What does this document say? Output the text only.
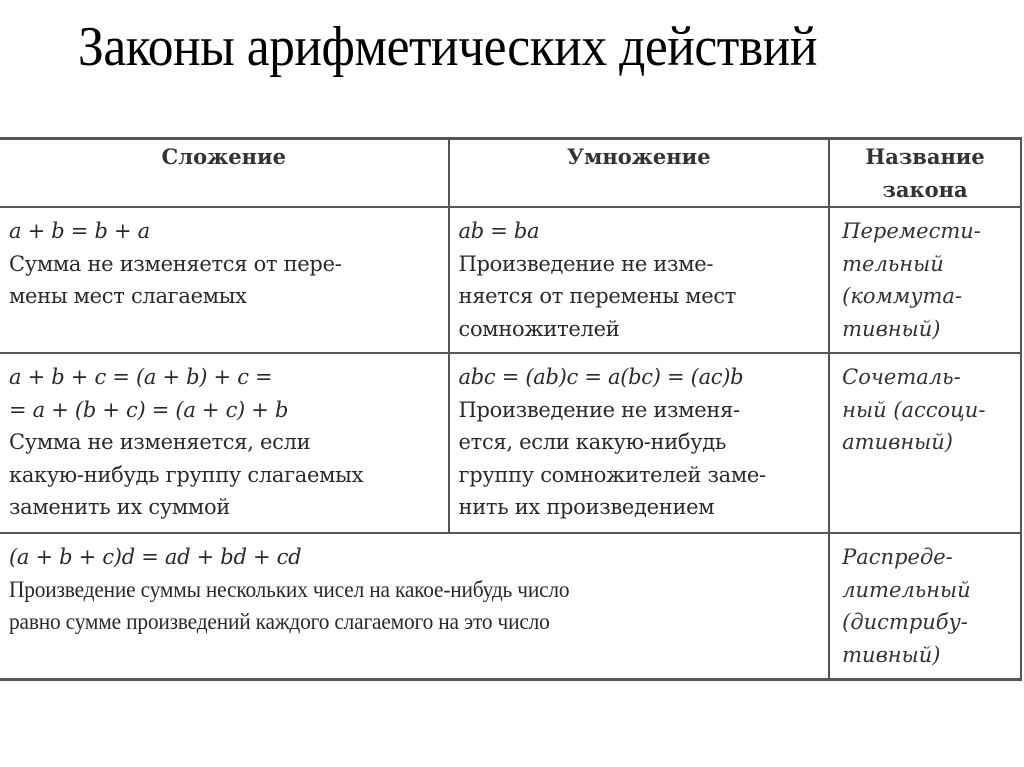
Законы арифметических действий
Сложение	Умножение	Название
закона

a + b = b + a
Сумма не изменяется от пере-
мены мест слагаемых	ab = ba
Произведение не изме-
няется от перемены мест
сомножителей	Перемести-
тельный
(коммута-
тивный)

a + b + c = (a + b) + c =
= a + (b + c) = (a + c) + b
Сумма не изменяется, если
какую-нибудь группу слагаемых
заменить их суммой	abc = (ab)c = a(bc) = (ac)b
Произведение не изменя-
ется, если какую-нибудь
группу сомножителей заме-
нить их произведением	Сочеталь-
ный (ассоци-
ативный)

(a + b + c)d = ad + bd + cd
Произведение суммы нескольких чисел на какое-нибудь число
равно сумме произведений каждого слагаемого на это число		Распреде-
лительный
(дистрибу-
тивный)
